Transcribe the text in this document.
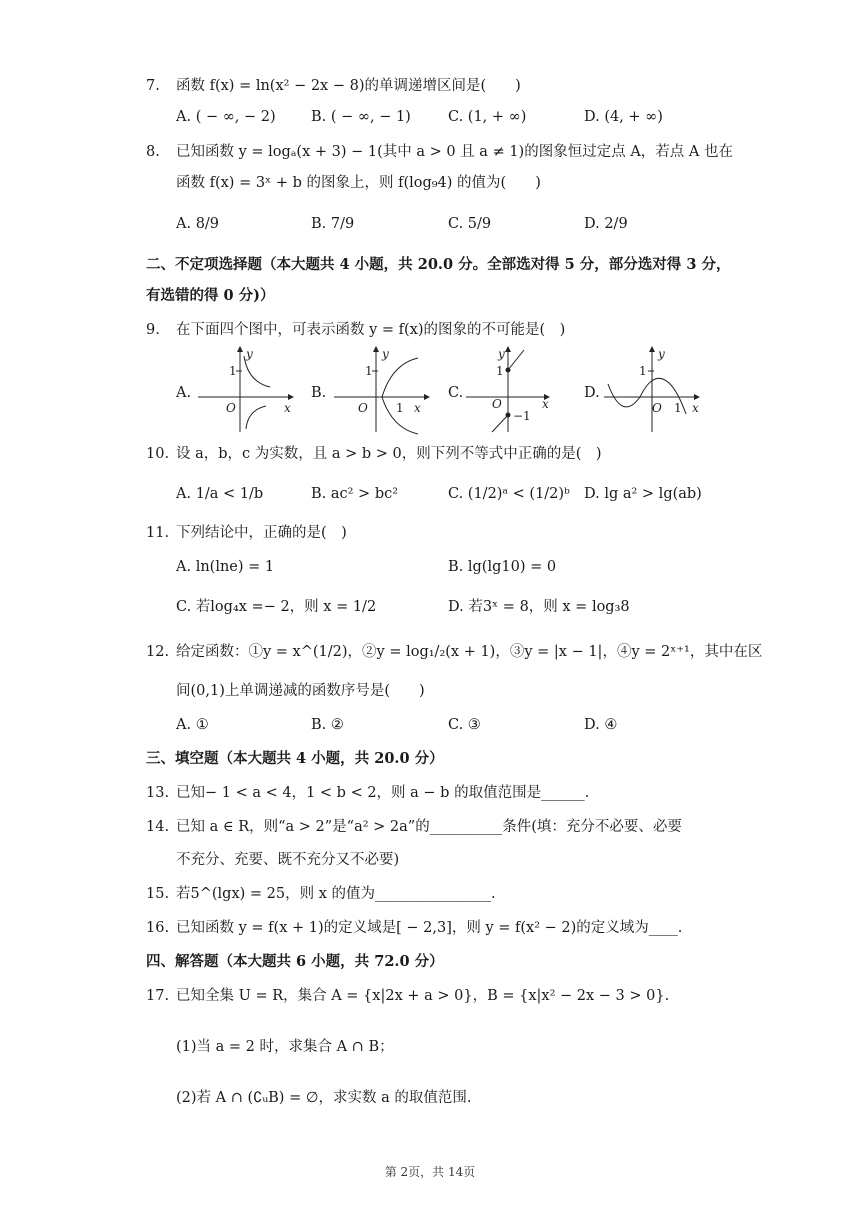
7. 函数 f(x) = ln(x² − 2x − 8)的单调递增区间是(　　)
A. ( − ∞, − 2) B. ( − ∞, − 1)	C. (1, + ∞)	D. (4, + ∞)
8. 已知函数 y = logₐ(x + 3) − 1(其中 a > 0 且 a ≠ 1)的图象恒过定点 A，若点 A 也在
函数 f(x) = 3ˣ + b 的图象上，则 f(log₉4) 的值为(　　)
A. 8/9	B. 7/9	C. 5/9	D. 2/9
二、不定项选择题（本大题共 4 小题，共 20.0 分。全部选对得 5 分，部分选对得 3 分，
有选错的得 0 分)）
9. 在下面四个图中，可表示函数 y = f(x)的图象的不可能是(　)
A.	B.	C.	D.
y
x
O
1
y
x
O
1
1
y
x
O
1
−1
y
x
O
1
1
10. 设 a，b，c 为实数，且 a > b > 0，则下列不等式中正确的是(　)
A. 1/a < 1/b	B. ac² > bc²	C. (1/2)ᵃ < (1/2)ᵇ D. lg a² > lg(ab)
11. 下列结论中，正确的是(　)
A. ln(lne) = 1	B. lg(lg10) = 0
C. 若log₄x =− 2，则 x = 1/2	D. 若3ˣ = 8，则 x = log₃8
12. 给定函数：①y = x^(1/2)，②y = log₁/₂(x + 1)，③y = |x − 1|，④y = 2ˣ⁺¹，其中在区
间(0,1)上单调递减的函数序号是(　　)
A. ①	B. ②	C. ③	D. ④
三、填空题（本大题共 4 小题，共 20.0 分）
13. 已知− 1 < a < 4，1 < b < 2，则 a − b 的取值范围是______.
14. 已知 a ∈ R，则“a > 2”是“a² > 2a”的__________条件(填：充分不必要、必要
不充分、充要、既不充分又不必要)
15. 若5^(lgx) = 25，则 x 的值为________________.
16. 已知函数 y = f(x + 1)的定义域是[ − 2,3]，则 y = f(x² − 2)的定义域为____.
四、解答题（本大题共 6 小题，共 72.0 分）
17. 已知全集 U = R，集合 A = {x|2x + a > 0}，B = {x|x² − 2x − 3 > 0}.
(1)当 a = 2 时，求集合 A ∩ B；
(2)若 A ∩ (∁ᵤB) = ∅，求实数 a 的取值范围.
第 2页，共 14页
